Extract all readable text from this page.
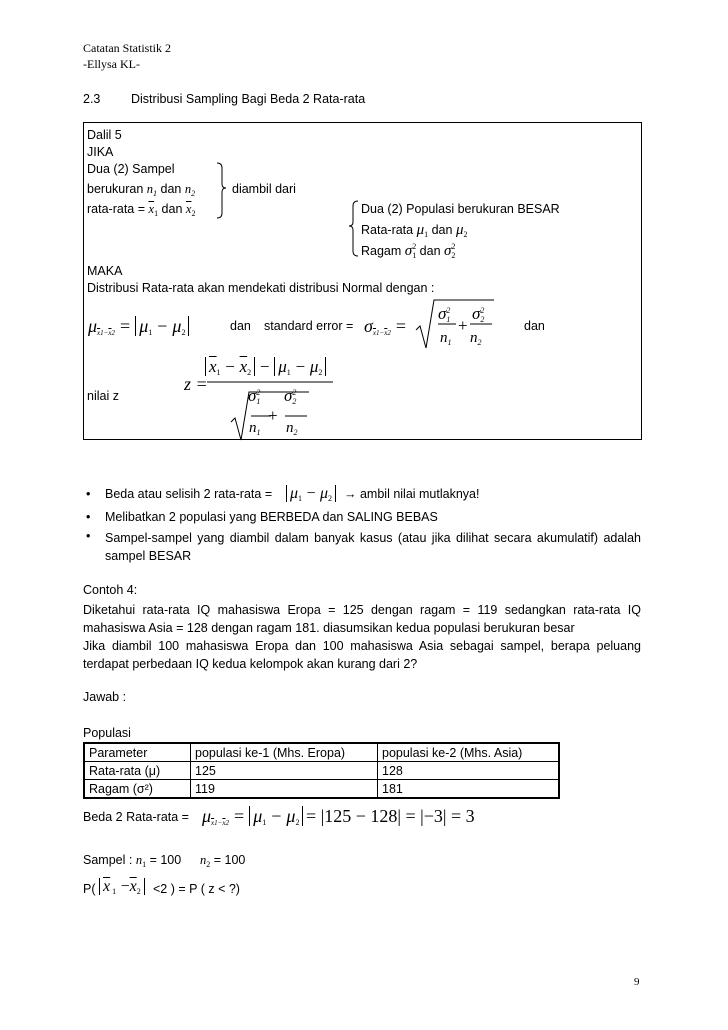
Catatan Statistik 2
-Ellysa KL-
2.3 Distribusi Sampling Bagi Beda 2 Rata-rata
Dalil 5
JIKA
Dua (2) Sampel
berukuran $n_1$ dan $n_2$	diambil dari
rata-rata = $\overline{x}_1$ dan $\overline{x}_2$	Dua (2) Populasi berukuran BESAR
Rata-rata $\mu_1$ dan $\mu_2$
Ragam $\sigma_1^2$ dan $\sigma_2^2$
MAKA
Distribusi Rata-rata akan mendekati distribusi Normal dengan :
$\mu_{\overline{x}1-\overline{x}2} = \mu_1 - \mu_2$	dan standard error = $\sigma_{\overline{x}1-\overline{x}2}$ =
$\sigma_1^2$
+
$\sigma_2^2$
$n_1$ $n_2$
dan
z =
$\overline{x}_1 - \overline{x}_2 - \mu_1 - \mu_2$
$\sigma_1^2$
+
$\sigma_2^2$
$n_1$ $n_2$
nilai z
• Beda atau selisih 2 rata-rata = $\mu_1 - \mu_2$ → ambil nilai mutlaknya!
• Melibatkan 2 populasi yang BERBEDA dan SALING BEBAS
• Sampel-sampel yang diambil dalam banyak kasus (atau jika dilihat secara akumulatif) adalah sampel BESAR
Contoh 4:
Diketahui rata-rata IQ mahasiswa Eropa = 125 dengan ragam = 119 sedangkan rata-rata IQ mahasiswa Asia = 128 dengan ragam 181. diasumsikan kedua populasi berukuran besar
Jika diambil 100 mahasiswa Eropa dan 100 mahasiswa Asia sebagai sampel, berapa peluang terdapat perbedaan IQ kedua kelompok akan kurang dari 2?
Jawab :
Populasi
Parameter	populasi ke-1 (Mhs. Eropa)	populasi ke-2 (Mhs. Asia)
Rata-rata (μ)	125	128
Ragam (σ²)	119	181
Beda 2 Rata-rata = $\mu_{\overline{x}1-\overline{x}2} = \mu_1 - \mu_2 = |125 - 128| = |-3| = 3$
Sampel : $n_1 = 100$ $n_2 = 100$
P( $\overline{x}$ $_1 -\overline{x}_2 <2$ ) = P ( z < ?)
9
